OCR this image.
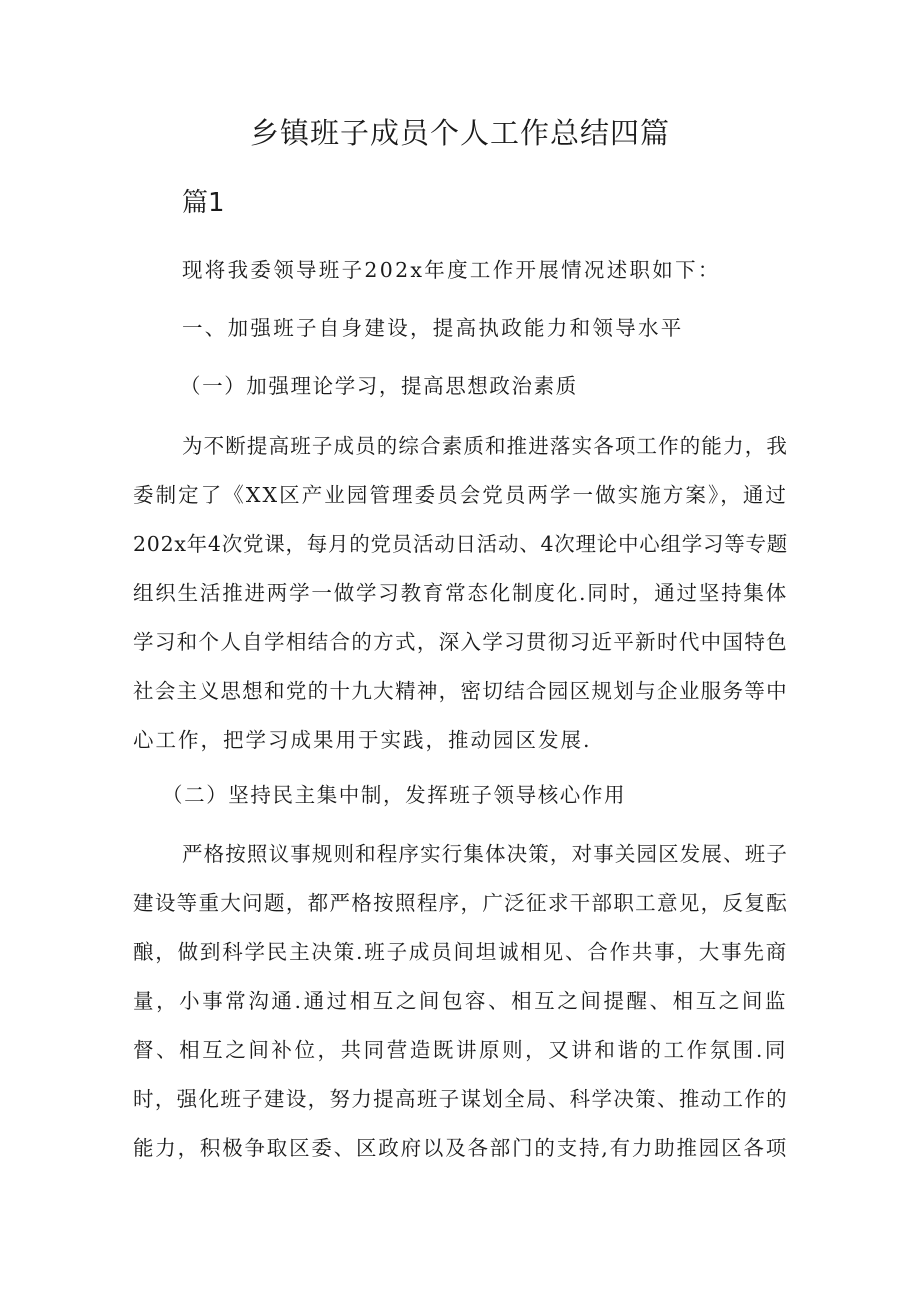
乡镇班子成员个人工作总结四篇
篇1
现将我委领导班子202x年度工作开展情况述职如下：
一、加强班子自身建设，提高执政能力和领导水平
（一）加强理论学习，提高思想政治素质
为不断提高班子成员的综合素质和推进落实各项工作的能力，我
委制定了《XX区产业园管理委员会党员两学一做实施方案》，通过
202x年4次党课，每月的党员活动日活动、4次理论中心组学习等专题
组织生活推进两学一做学习教育常态化制度化.同时，通过坚持集体
学习和个人自学相结合的方式，深入学习贯彻习近平新时代中国特色
社会主义思想和党的十九大精神，密切结合园区规划与企业服务等中
心工作，把学习成果用于实践，推动园区发展.
（二）坚持民主集中制，发挥班子领导核心作用
严格按照议事规则和程序实行集体决策，对事关园区发展、班子
建设等重大问题，都严格按照程序，广泛征求干部职工意见，反复酝
酿，做到科学民主决策.班子成员间坦诚相见、合作共事，大事先商
量，小事常沟通.通过相互之间包容、相互之间提醒、相互之间监
督、相互之间补位，共同营造既讲原则，又讲和谐的工作氛围.同
时，强化班子建设，努力提高班子谋划全局、科学决策、推动工作的
能力，积极争取区委、区政府以及各部门的支持,有力助推园区各项
